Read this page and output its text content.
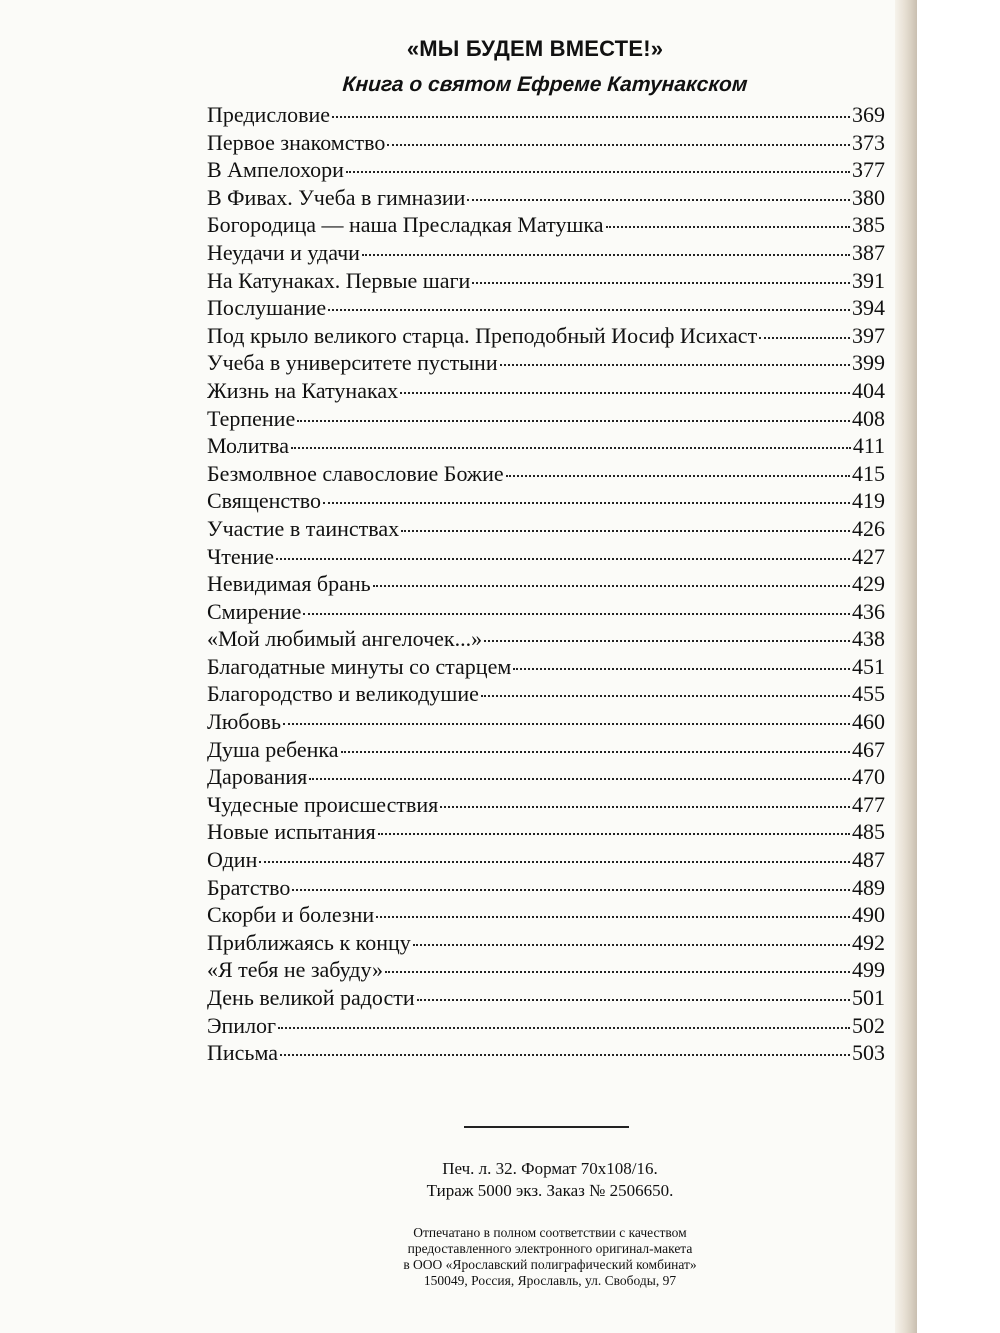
«МЫ БУДЕМ ВМЕСТЕ!»
Книга о святом Ефреме Катунакском
Предисловие	369
Первое знакомство	373
В Ампелохори	377
В Фивах. Учеба в гимназии	380
Богородица — наша Пресладкая Матушка	385
Неудачи и удачи	387
На Катунаках. Первые шаги	391
Послушание	394
Под крыло великого старца. Преподобный Иосиф Исихаст	397
Учеба в университете пустыни	399
Жизнь на Катунаках	404
Терпение	408
Молитва	411
Безмолвное славословие Божие	415
Священство	419
Участие в таинствах	426
Чтение	427
Невидимая брань	429
Смирение	436
«Мой любимый ангелочек...»	438
Благодатные минуты со старцем	451
Благородство и великодушие	455
Любовь	460
Душа ребенка	467
Дарования	470
Чудесные происшествия	477
Новые испытания	485
Один	487
Братство	489
Скорби и болезни	490
Приближаясь к концу	492
«Я тебя не забуду»	499
День великой радости	501
Эпилог	502
Письма	503
Печ. л. 32. Формат 70х108/16.
Тираж 5000 экз. Заказ № 2506650.
Отпечатано в полном соответствии с качеством
предоставленного электронного оригинал-макета
в ООО «Ярославский полиграфический комбинат»
150049, Россия, Ярославль, ул. Свободы, 97
